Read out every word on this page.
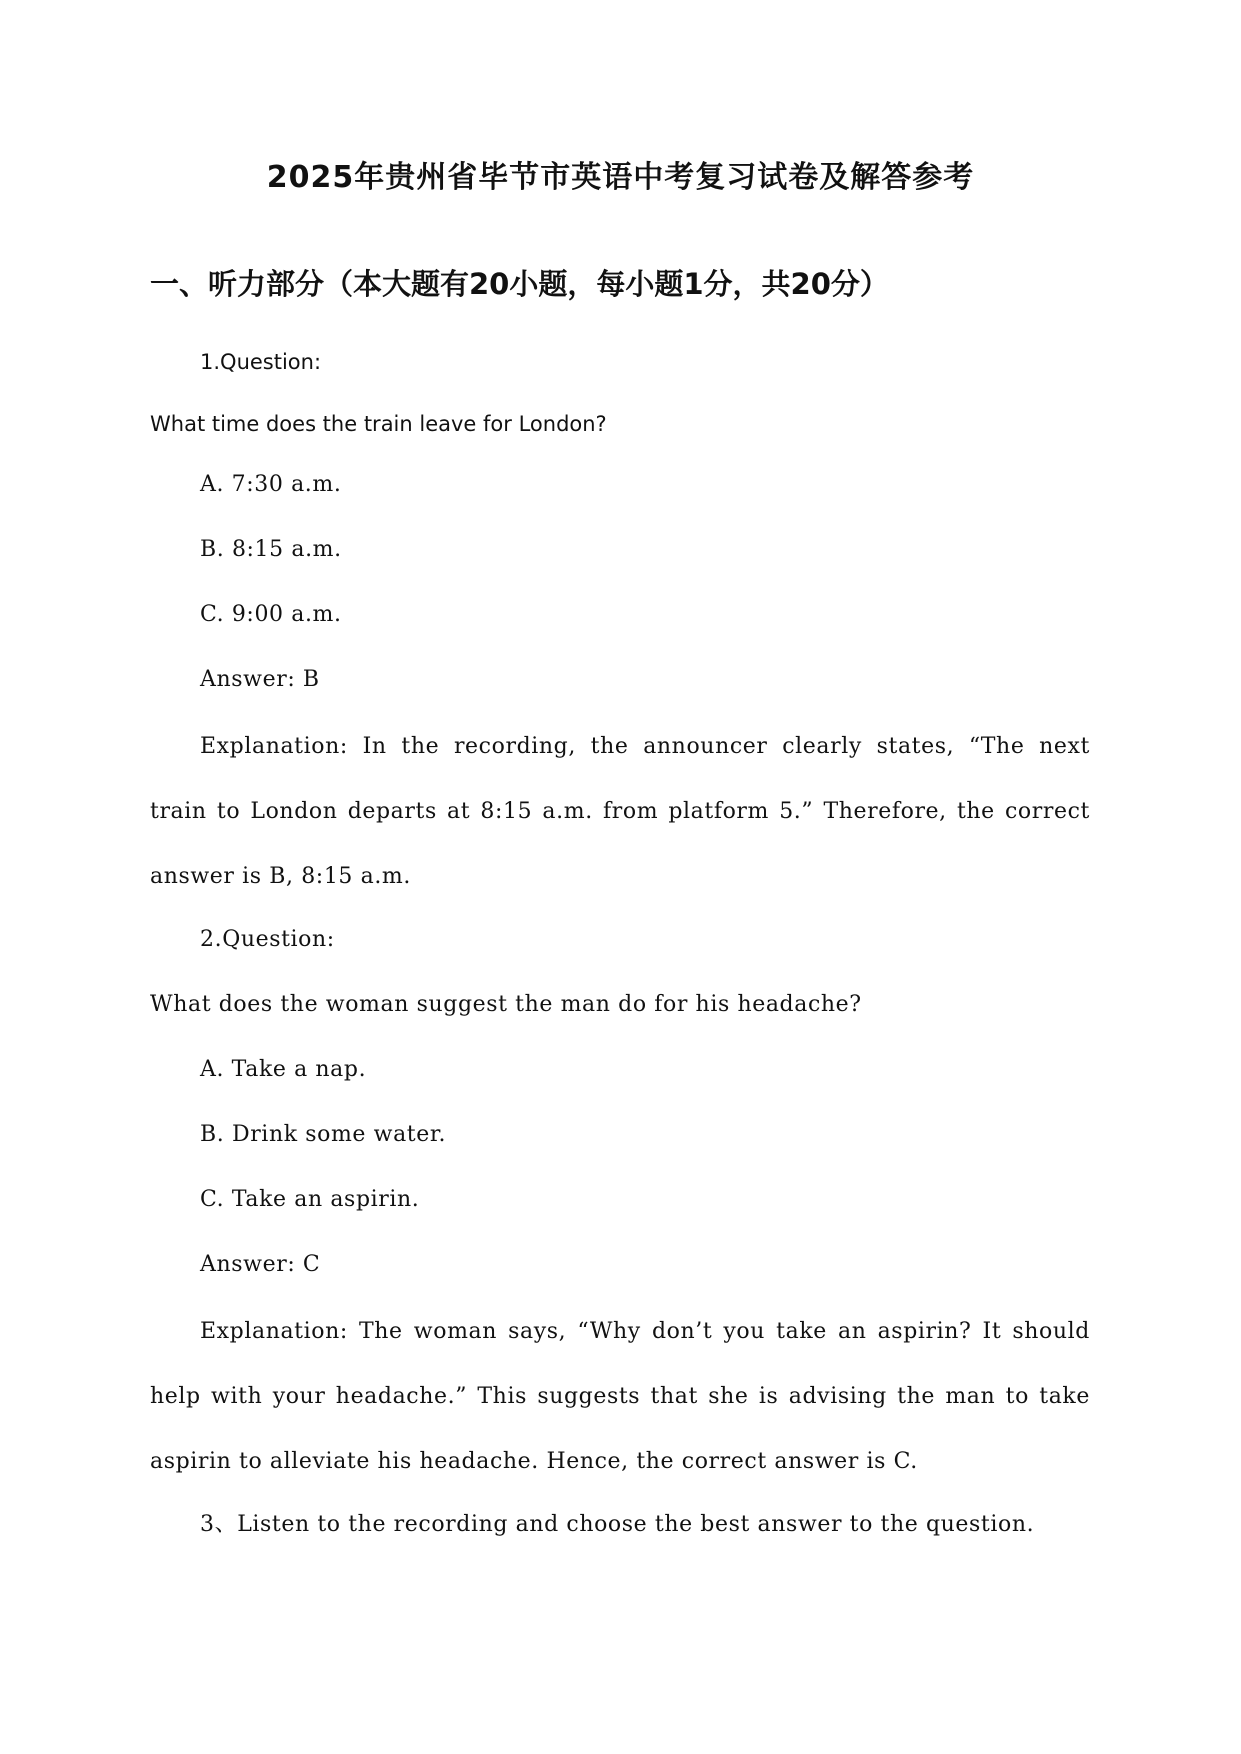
2025年贵州省毕节市英语中考复习试卷及解答参考
一、听力部分（本大题有20小题，每小题1分，共20分）
1.Question:
What time does the train leave for London?
A. 7:30 a.m.
B. 8:15 a.m.
C. 9:00 a.m.
Answer: B

Explanation: In the recording, the announcer clearly states, “The next train to London departs at 8:15 a.m. from platform 5.” Therefore, the correct answer is B, 8:15 a.m.

2.Question:
What does the woman suggest the man do for his headache?
A. Take a nap.
B. Drink some water.
C. Take an aspirin.
Answer: C

Explanation: The woman says, “Why don’t you take an aspirin? It should help with your headache.” This suggests that she is advising the man to take aspirin to alleviate his headache. Hence, the correct answer is C.

3、Listen to the recording and choose the best answer to the question.
